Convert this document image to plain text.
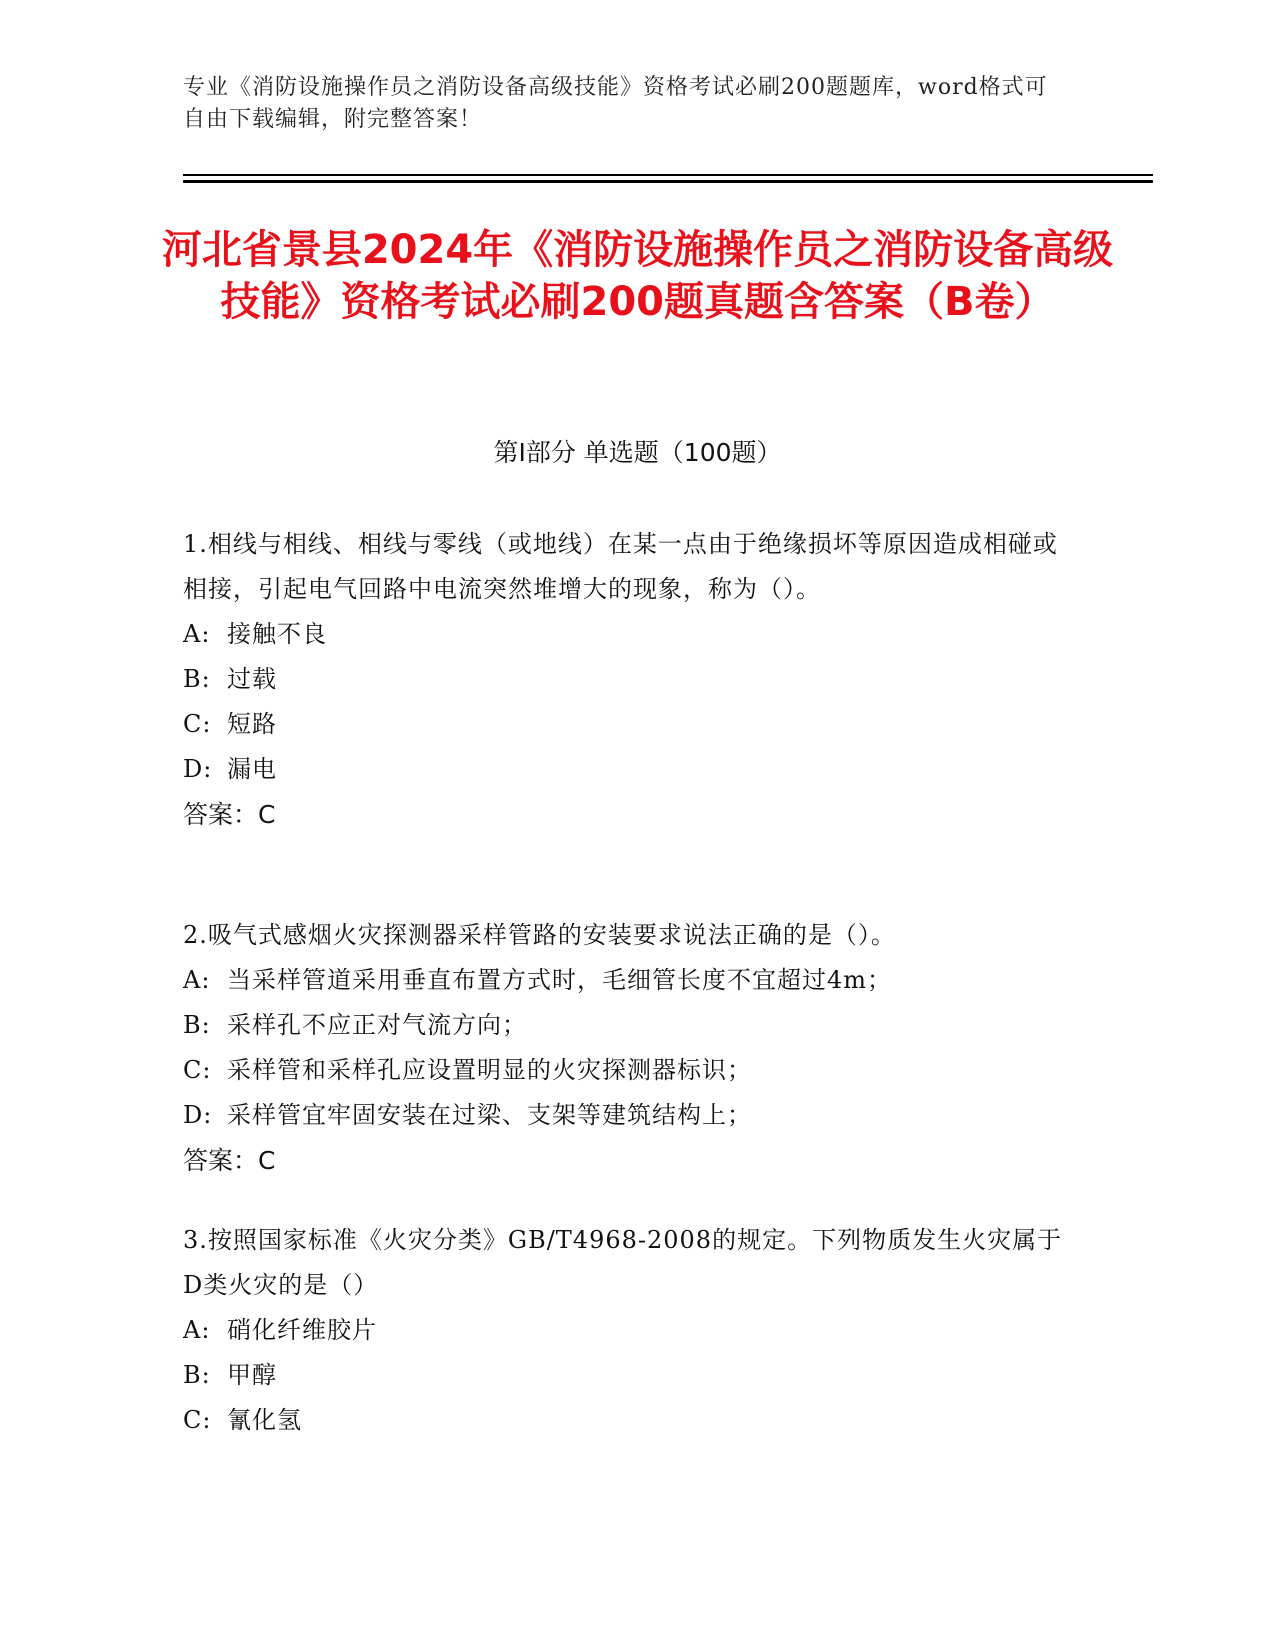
专业《消防设施操作员之消防设备高级技能》资格考试必刷200题题库，word格式可自由下载编辑，附完整答案！
河北省景县2024年《消防设施操作员之消防设备高级技能》资格考试必刷200题真题含答案（B卷）
第Ⅰ部分 单选题（100题）
1.相线与相线、相线与零线（或地线）在某一点由于绝缘损坏等原因造成相碰或相接，引起电气回路中电流突然堆增大的现象，称为（）。
A: 接触不良
B: 过载
C: 短路
D: 漏电
答案：C
2.吸气式感烟火灾探测器采样管路的安装要求说法正确的是（）。
A: 当采样管道采用垂直布置方式时，毛细管长度不宜超过4m；
B: 采样孔不应正对气流方向；
C: 采样管和采样孔应设置明显的火灾探测器标识；
D: 采样管宜牢固安装在过梁、支架等建筑结构上；
答案：C
3.按照国家标准《火灾分类》GB/T4968-2008的规定。下列物质发生火灾属于D类火灾的是（）
A: 硝化纤维胶片
B: 甲醇
C: 氰化氢
